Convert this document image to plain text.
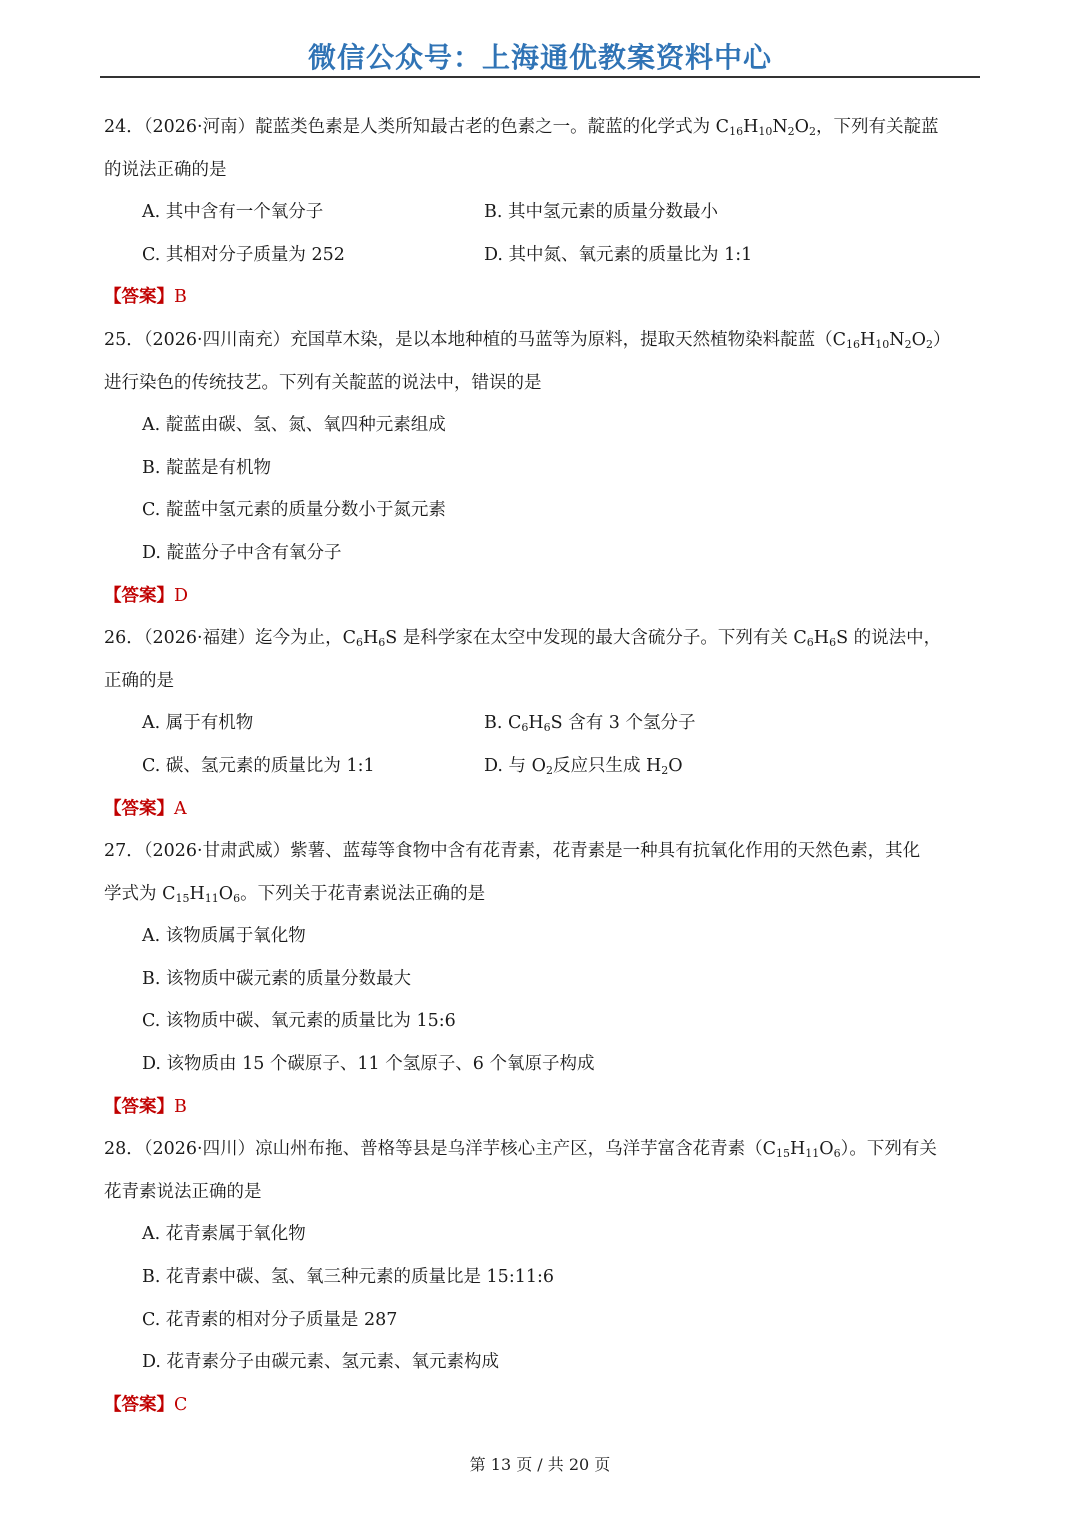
微信公众号：上海通优教案资料中心
24．（2026·河南）靛蓝类色素是人类所知最古老的色素之一。靛蓝的化学式为 $C_{16}H_{10}N_2O_2$，下列有关靛蓝
的说法正确的是
A. 其中含有一个氧分子	B. 其中氢元素的质量分数最小
C. 其相对分子质量为 252	D. 其中氮、氧元素的质量比为 1:1
【答案】B
25．（2026·四川南充）充国草木染，是以本地种植的马蓝等为原料，提取天然植物染料靛蓝$(C_{16}H_{10}N_2O_2)$
进行染色的传统技艺。下列有关靛蓝的说法中，错误的是
A. 靛蓝由碳、氢、氮、氧四种元素组成
B. 靛蓝是有机物
C. 靛蓝中氢元素的质量分数小于氮元素
D. 靛蓝分子中含有氧分子
【答案】D
26．（2026·福建）迄今为止，$C_6H_6S$ 是科学家在太空中发现的最大含硫分子。下列有关 $C_6H_6S$ 的说法中，
正确的是
A. 属于有机物	B. $C_6H_6S$ 含有 3 个氢分子
C. 碳、氢元素的质量比为 1:1	D. 与 $O_2$反应只生成 $H_2O$
【答案】A
27．（2026·甘肃武威）紫薯、蓝莓等食物中含有花青素，花青素是一种具有抗氧化作用的天然色素，其化
学式为 $C_{15}H_{11}O_6$。下列关于花青素说法正确的是
A. 该物质属于氧化物
B. 该物质中碳元素的质量分数最大
C. 该物质中碳、氧元素的质量比为 15:6
D. 该物质由 15 个碳原子、11 个氢原子、6 个氧原子构成
【答案】B
28．（2026·四川）凉山州布拖、普格等县是乌洋芋核心主产区，乌洋芋富含花青素$(C_{15}H_{11}O_6)$。下列有关
花青素说法正确的是
A. 花青素属于氧化物
B. 花青素中碳、氢、氧三种元素的质量比是 15:11:6
C. 花青素的相对分子质量是 287
D. 花青素分子由碳元素、氢元素、氧元素构成
【答案】C
第 13 页 / 共 20 页
